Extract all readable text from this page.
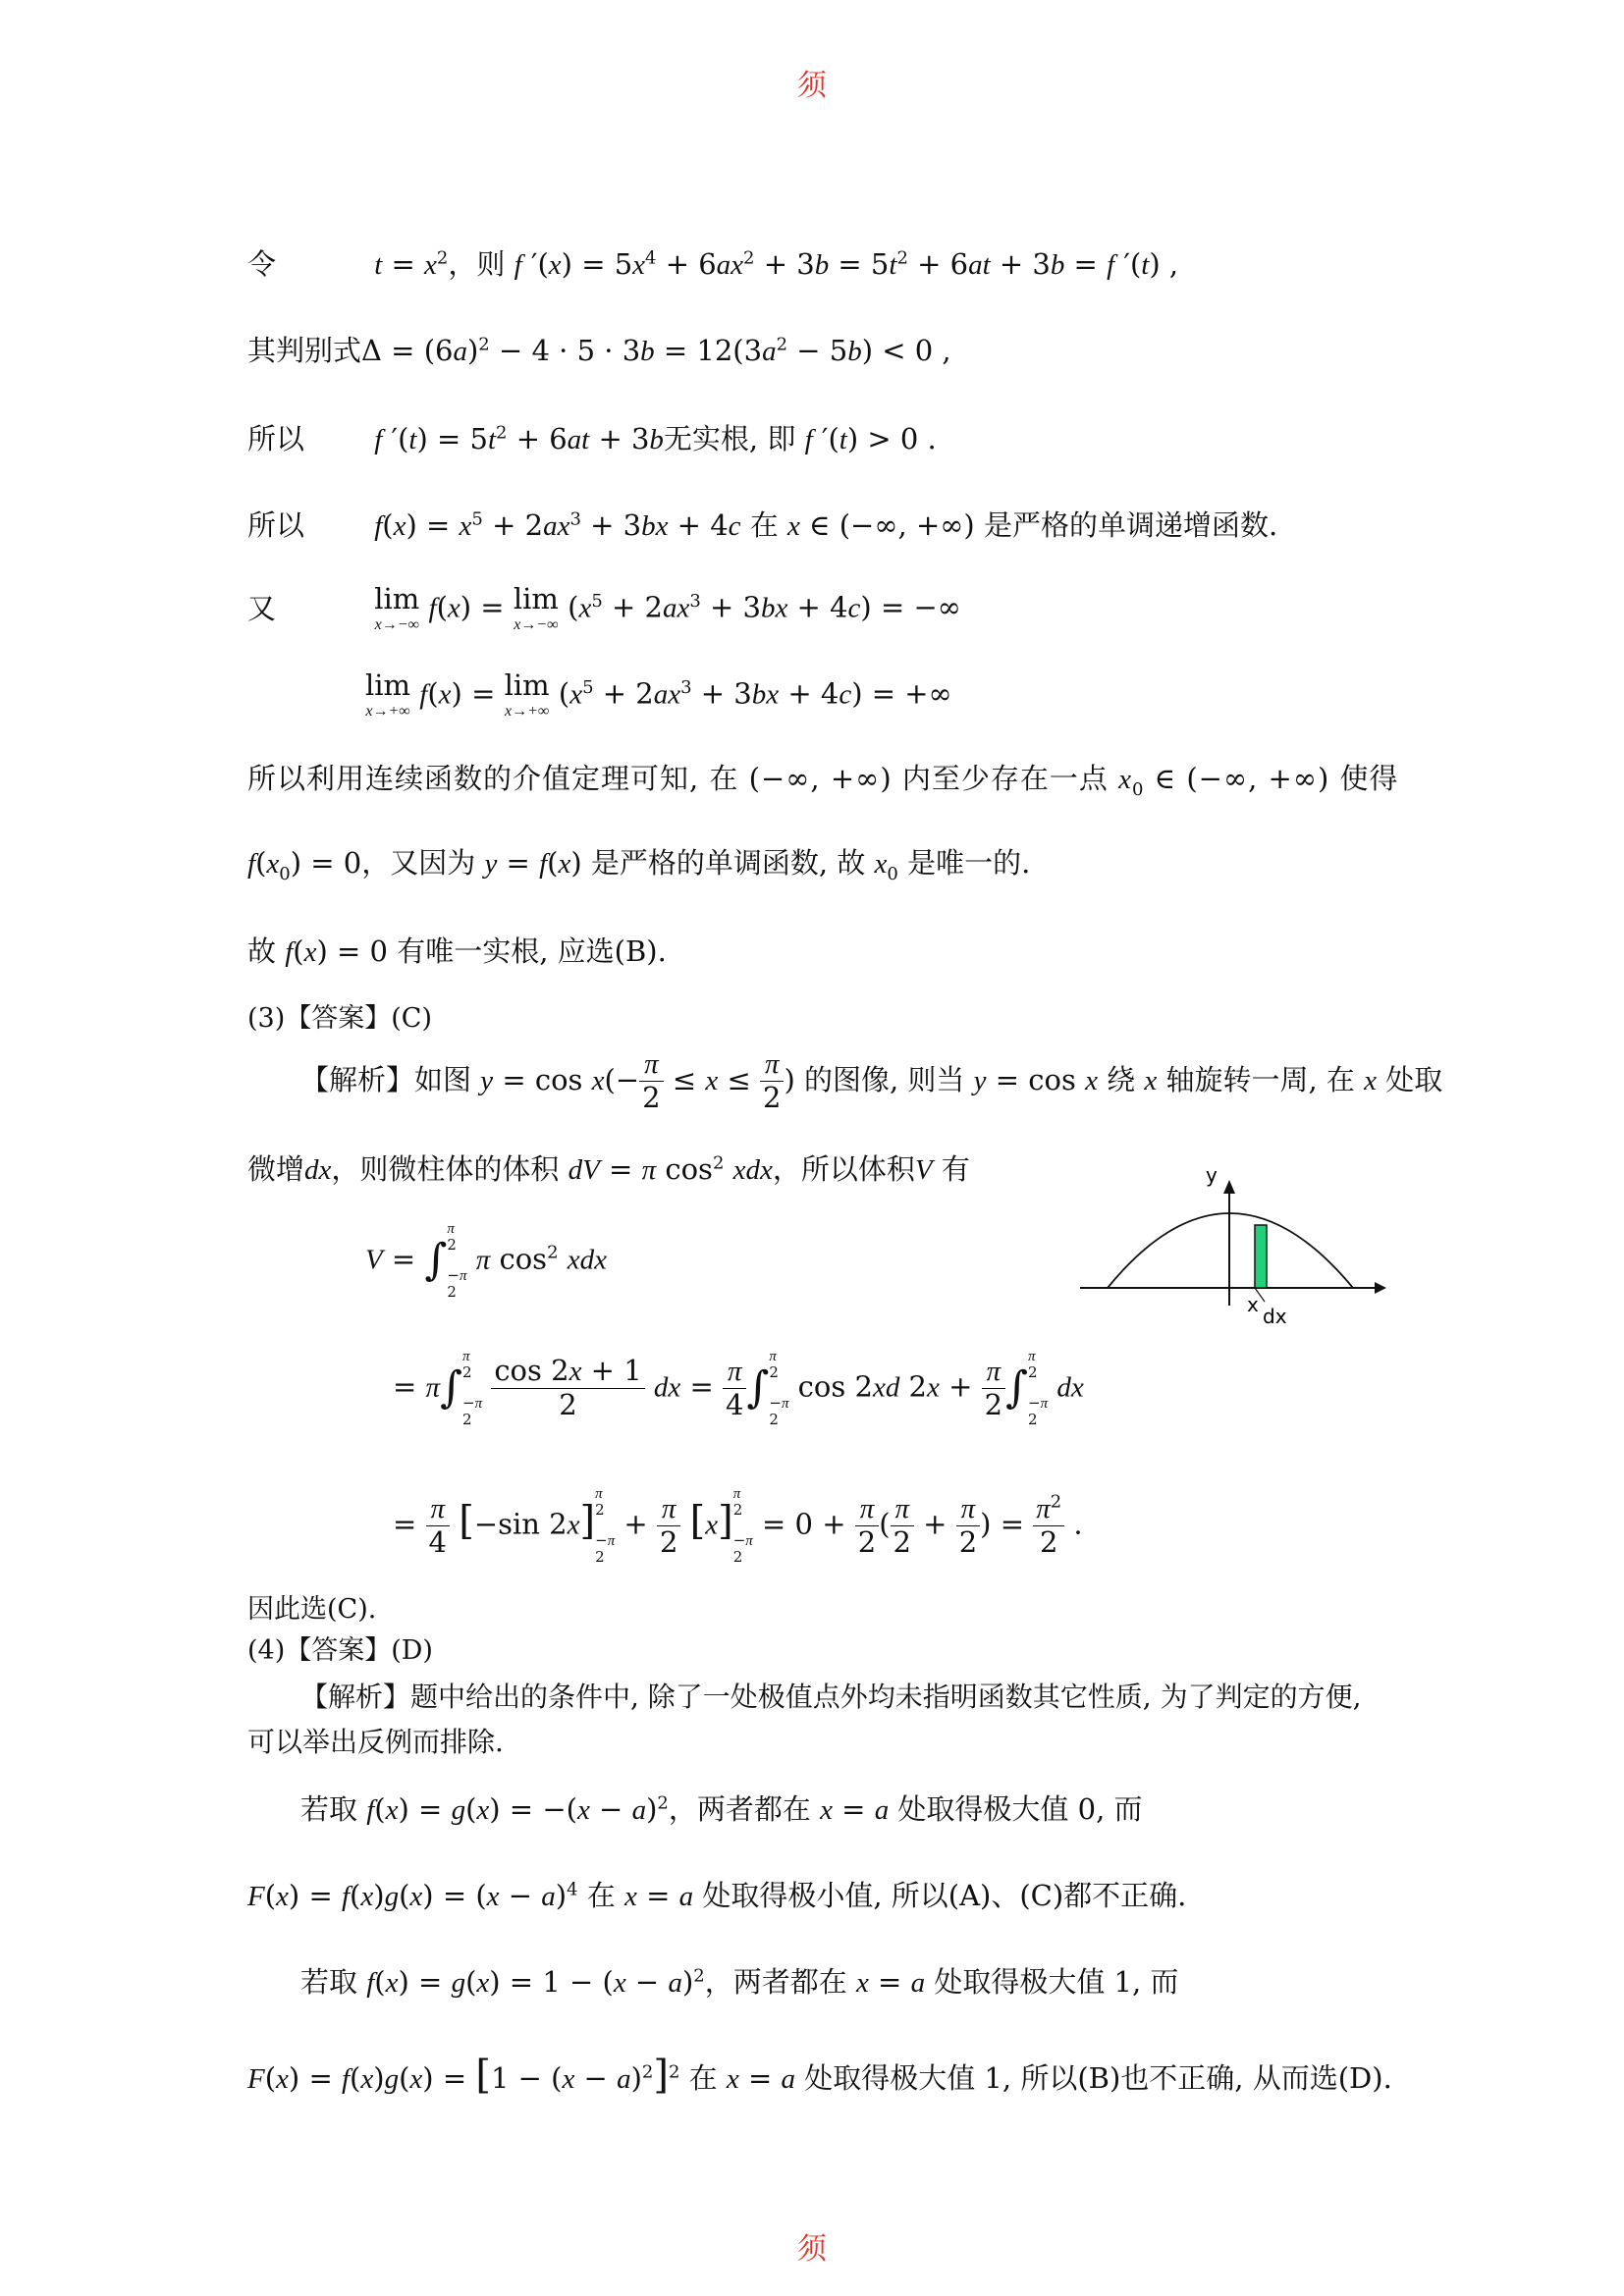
须
令	$t = x^2$，则 f $'(x) = 5x^4 + 6ax^2 + 3b = 5t^2 + 6at + 3b = f$ ′(t) ,
其判别式$\Delta = (6a)^2 - 4 \cdot 5 \cdot 3b = 12(3a^2 - 5b) < 0$ ,
所以 f $'(t) = 5t^2 + 6at + 3b$无实根, 即 f ′(t) > 0 .
所以 $f(x) = x^5 + 2ax^3 + 3bx + 4c$ 在 x ∈ (−∞, +∞) 是严格的单调递增函数.
又	lim
x→−∞
f(x) = lim
x→−∞
$(x^5 + 2ax^3 + 3bx + 4c)$ = −∞
lim
x→+∞
f(x) = lim
x→+∞
$(x^5 + 2ax^3 + 3bx + 4c)$ = +∞
所以利用连续函数的介值定理可知, 在 (−∞, +∞) 内至少存在一点 $x_0$ ∈ (−∞, +∞) 使得
$f(x_0) = 0$，又因为 y = f(x) 是严格的单调函数, 故 $x_0$ 是唯一的.
故 f(x) = 0 有唯一实根, 应选(B).
(3)【答案】(C)
【解析】如图 $y = \cos x(- \frac{\pi}{2} \le x \le \frac{\pi}{2}$ ) 的图像, 则当 y = cos x 绕 x 轴旋转一周, 在 x 处取
微增dx，则微柱体的体积 dV = π $\cos^2$ xdx，所以体积V 有
V = ∫π
2

−π
2 π $\cos^2$ xdx
= π∫π
2

−π
$2 \frac{\cos 2x + 1}{2}$ dx = $\frac{\pi}{4} \int\pi$
2

−π
2 cos 2xd $2x + \frac{\pi}{2} \int\pi$
2

−π
2 dx
= $\frac{\pi}{4} [-\sin$ 2x]π
2

−π
$2 + \frac{\pi}{2} [x]\pi$
2

−π
$2 = 0 + \frac{\pi}{2}$ ( $\frac{\pi}{2} + \frac{\pi}{2}$ ) = $\frac{\pi^2}{2}$ .
因此选(C).
(4)【答案】(D)
【解析】题中给出的条件中, 除了一处极值点外均未指明函数其它性质, 为了判定的方便,
可以举出反例而排除.
若取 $f(x) = g(x) = -(x - a)^2$，两者都在 x = a 处取得极大值 0, 而
$F(x) = f(x)g(x) = (x - a)^4$ 在 x = a 处取得极小值, 所以(A)、(C)都不正确.
若取 $f(x) = g(x) = 1 - (x - a)^2$，两者都在 x = a 处取得极大值 1, 而
$F(x) = f(x)g(x) = [1 - (x - a)^2]^2$ 在 x = a 处取得极大值 1, 所以(B)也不正确, 从而选(D).
y
x dx
须
